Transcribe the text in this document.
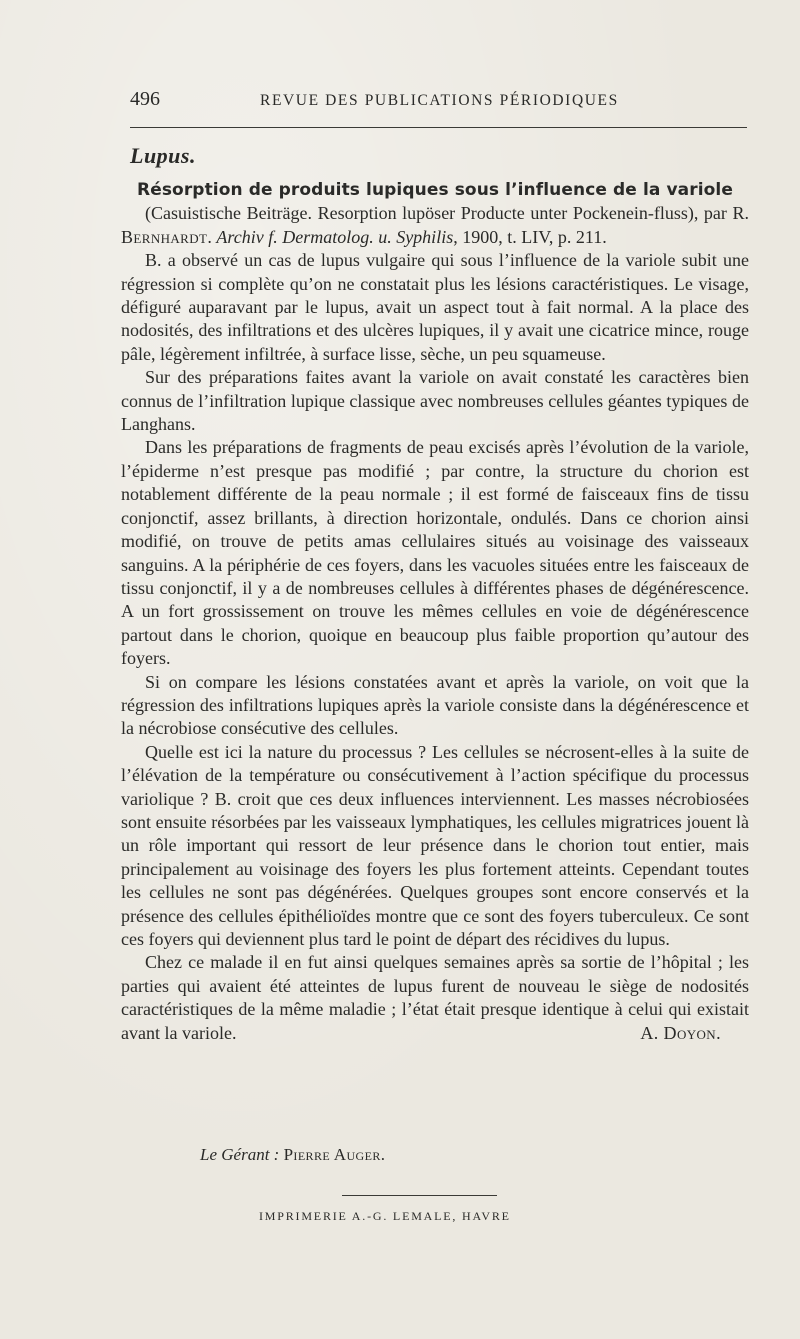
496	REVUE DES PUBLICATIONS PÉRIODIQUES
Lupus.
Résorption de produits lupiques sous l’influence de la variole

(Casuistische Beiträge. Resorption lupöser Producte unter Pockenein-fluss), par R. Bernhardt. Archiv f. Dermatolog. u. Syphilis, 1900, t. LIV, p. 211.

B. a observé un cas de lupus vulgaire qui sous l’influence de la variole subit une régression si complète qu’on ne constatait plus les lésions caractéristiques. Le visage, défiguré auparavant par le lupus, avait un aspect tout à fait normal. A la place des nodosités, des infiltrations et des ulcères lupiques, il y avait une cicatrice mince, rouge pâle, légèrement infiltrée, à surface lisse, sèche, un peu squameuse.

Sur des préparations faites avant la variole on avait constaté les caractères bien connus de l’infiltration lupique classique avec nombreuses cellules géantes typiques de Langhans.

Dans les préparations de fragments de peau excisés après l’évolution de la variole, l’épiderme n’est presque pas modifié ; par contre, la structure du chorion est notablement différente de la peau normale ; il est formé de faisceaux fins de tissu conjonctif, assez brillants, à direction horizontale, ondulés. Dans ce chorion ainsi modifié, on trouve de petits amas cellulaires situés au voisinage des vaisseaux sanguins. A la périphérie de ces foyers, dans les vacuoles situées entre les faisceaux de tissu conjonctif, il y a de nombreuses cellules à différentes phases de dégénérescence. A un fort grossissement on trouve les mêmes cellules en voie de dégénérescence partout dans le chorion, quoique en beaucoup plus faible proportion qu’autour des foyers.

Si on compare les lésions constatées avant et après la variole, on voit que la régression des infiltrations lupiques après la variole consiste dans la dégénérescence et la nécrobiose consécutive des cellules.

Quelle est ici la nature du processus ? Les cellules se nécrosent-elles à la suite de l’élévation de la température ou consécutivement à l’action spécifique du processus variolique ? B. croit que ces deux influences interviennent. Les masses nécrobiosées sont ensuite résorbées par les vaisseaux lymphatiques, les cellules migratrices jouent là un rôle important qui ressort de leur présence dans le chorion tout entier, mais principalement au voisinage des foyers les plus fortement atteints. Cependant toutes les cellules ne sont pas dégénérées. Quelques groupes sont encore conservés et la présence des cellules épithélioïdes montre que ce sont des foyers tuberculeux. Ce sont ces foyers qui deviennent plus tard le point de départ des récidives du lupus.

Chez ce malade il en fut ainsi quelques semaines après sa sortie de l’hôpital ; les parties qui avaient été atteintes de lupus furent de nouveau le siège de nodosités caractéristiques de la même maladie ; l’état était presque identique à celui qui existait avant la variole.	A. Doyon.

Le Gérant : Pierre Auger.
IMPRIMERIE A.-G. LEMALE, HAVRE
